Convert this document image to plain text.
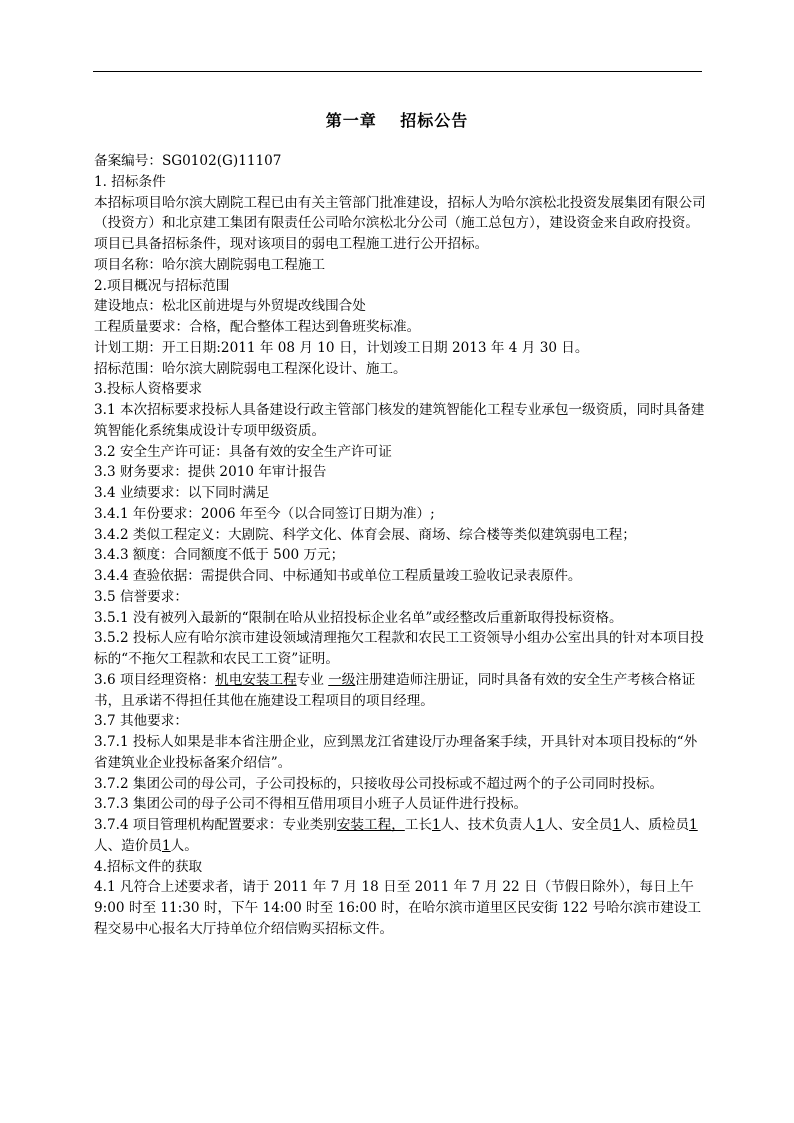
第一章　 招标公告

备案编号：SG0102(G)11107

1. 招标条件

本招标项目哈尔滨大剧院工程已由有关主管部门批准建设，招标人为哈尔滨松北投资发展集团有限公司（投资方）和北京建工集团有限责任公司哈尔滨松北分公司（施工总包方），建设资金来自政府投资。项目已具备招标条件，现对该项目的弱电工程施工进行公开招标。

项目名称：哈尔滨大剧院弱电工程施工

2.项目概况与招标范围

建设地点：松北区前进堤与外贸堤改线围合处

工程质量要求：合格，配合整体工程达到鲁班奖标准。

计划工期：开工日期:2011 年 08 月 10 日，计划竣工日期 2013 年 4 月 30 日。

招标范围：哈尔滨大剧院弱电工程深化设计、施工。

3.投标人资格要求

3.1 本次招标要求投标人具备建设行政主管部门核发的建筑智能化工程专业承包一级资质，同时具备建筑智能化系统集成设计专项甲级资质。

3.2 安全生产许可证：具备有效的安全生产许可证

3.3 财务要求：提供 2010 年审计报告

3.4 业绩要求：以下同时满足

3.4.1 年份要求：2006 年至今（以合同签订日期为准）;

3.4.2 类似工程定义：大剧院、科学文化、体育会展、商场、综合楼等类似建筑弱电工程；

3.4.3 额度：合同额度不低于 500 万元；

3.4.4 查验依据：需提供合同、中标通知书或单位工程质量竣工验收记录表原件。

3.5 信誉要求：

3.5.1 没有被列入最新的“限制在哈从业招投标企业名单”或经整改后重新取得投标资格。

3.5.2 投标人应有哈尔滨市建设领域清理拖欠工程款和农民工工资领导小组办公室出具的针对本项目投标的“不拖欠工程款和农民工工资”证明。

3.6 项目经理资格：机电安装工程专业 一级注册建造师注册证，同时具备有效的安全生产考核合格证书，且承诺不得担任其他在施建设工程项目的项目经理。

3.7 其他要求：

3.7.1 投标人如果是非本省注册企业，应到黑龙江省建设厅办理备案手续，开具针对本项目投标的“外省建筑业企业投标备案介绍信”。

3.7.2 集团公司的母公司，子公司投标的，只接收母公司投标或不超过两个的子公司同时投标。

3.7.3 集团公司的母子公司不得相互借用项目小班子人员证件进行投标。

3.7.4 项目管理机构配置要求：专业类别安装工程，工长1人、技术负责人1人、安全员1人、质检员1人、造价员1人。

4.招标文件的获取

4.1 凡符合上述要求者，请于 2011 年 7 月 18 日至 2011 年 7 月 22 日（节假日除外），每日上午 9:00 时至 11:30 时，下午 14:00 时至 16:00 时，在哈尔滨市道里区民安街 122 号哈尔滨市建设工程交易中心报名大厅持单位介绍信购买招标文件。
